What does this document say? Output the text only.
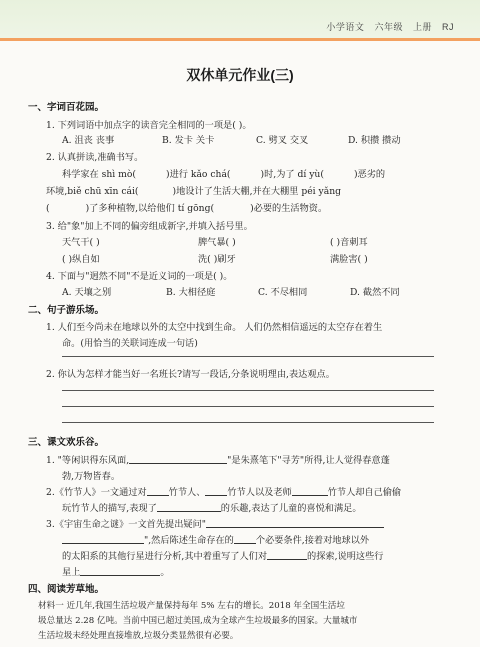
小学语文 六年级 上册 RJ
双休单元作业(三)
一、字词百花园。
1. 下列词语中加点字的读音完全相同的一项是( )。
A. 沮丧 丧事	B. 发卡 关卡	C. 劈叉 交叉	D. 积攒 攒动
2. 认真拼读,准确书写。
科学家在 shì mò(	)进行 kǎo chá(	)时,为了 dí yù(	)恶劣的
环境,biě chū xīn cái(	)地设计了生活大棚,并在大棚里 péi yǎng
(	)了多种植物,以给他们 tí gōng(	)必要的生活物资。
3. 给"象"加上不同的偏旁组成新字,并填入括号里。
天气干( )	脾气暴( )	( )音刺耳
( )纵自如	洗( )刷牙	满脸害( )
4. 下面与"迥然不同"不是近义词的一项是( )。
A. 天壤之别	B. 大相径庭	C. 不尽相同	D. 截然不同
二、句子游乐场。
1. 人们至今尚未在地球以外的太空中找到生命。 人们仍然相信遥远的太空存在着生
命。(用恰当的关联词连成一句话)
2. 你认为怎样才能当好一名班长?请写一段话,分条说明理由,表达观点。
三、课文欢乐谷。
1. "等闲识得东风面,	"是朱熹笔下"寻芳"所得,让人觉得春意蓬
勃,万物皆春。
2.《竹节人》一文通过对 竹节人、 竹节人以及老师	竹节人却自己偷偷
玩竹节人的描写,表现了	的乐趣,表达了儿童的喜悦和满足。
3.《宇宙生命之谜》一文首先提出疑问"
",然后陈述生命存在的 个必要条件,接着对地球以外
的太阳系的其他行星进行分析,其中着重写了人们对	的探索,说明这些行
星上	。
四、阅读芳草地。
材料一 近几年,我国生活垃圾产量保持每年 5% 左右的增长。2018 年全国生活垃
圾总量达 2.28 亿吨。当前中国已超过美国,成为全球产生垃圾最多的国家。大量城市
生活垃圾未经处理直接堆放,垃圾分类显然很有必要。
